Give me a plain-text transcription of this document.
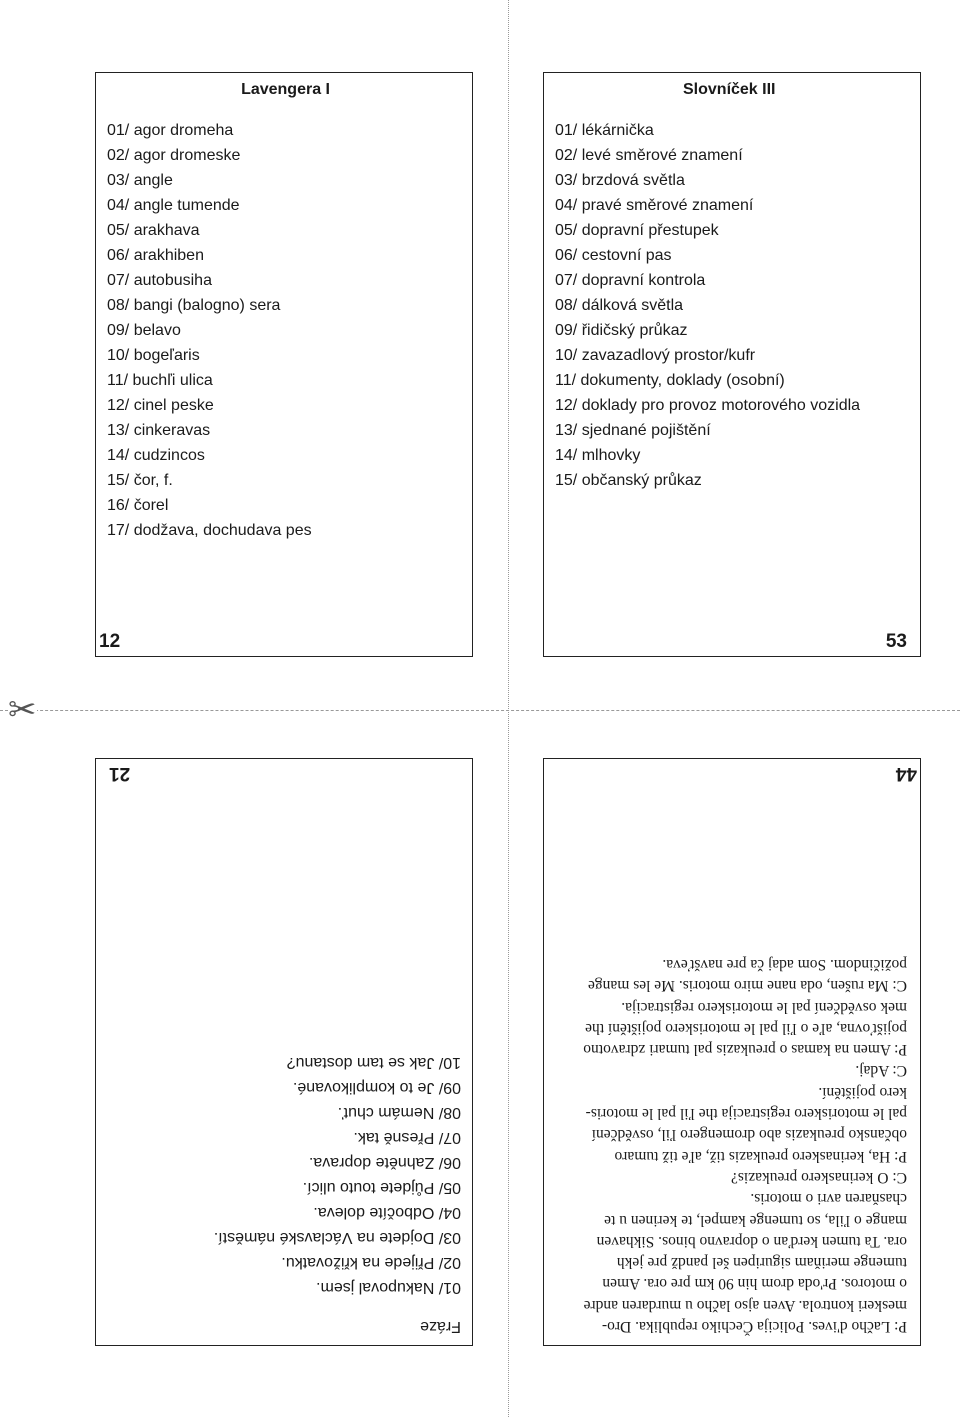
✂
Lavengera I
01/ agor dromeha
02/ agor dromeske
03/ angle
04/ angle tumende
05/ arakhava
06/ arakhiben
07/ autobusiha
08/ bangi (balogno) sera
09/ belavo
10/ bogeľaris
11/ buchľi ulica
12/ cinel peske
13/ cinkeravas
14/ cudzincos
15/ čor, f.
16/ čorel
17/ dodžava, dochudava pes
12
Slovníček III
01/ lékárnička
02/ levé směrové znamení
03/ brzdová světla
04/ pravé směrové znamení
05/ dopravní přestupek
06/ cestovní pas
07/ dopravní kontrola
08/ dálková světla
09/ řidičský průkaz
10/ zavazadlový prostor/kufr
11/ dokumenty, doklady (osobní)
12/ doklady pro provoz motorového vozidla
13/ sjednané pojištění
14/ mlhovky
15/ občanský průkaz
53
Fráze
01/ Nakupoval jsem.
02/ Přijede na křižovatku.
03/ Dojdete na Václavské náměstí.
04/ Odbočíte doleva.
05/ Půjdete touto ulicí.
06/ Zahněte doprava.
07/ Přesně tak.
08/ Nemám chuť.
09/ Je to komplikované.
10/ Jak se tam dostanu?
21

P: Lačho d'ives. Policija Čechiko republika. Dro-

meskeri kontrola. Aven ajso lačho u murdaren andre

o motoros. Pr'oda drom hin 90 km pre ora. Amen

tumenge meriňam siguripen šel pandž pre jekh

ora. Ta tumen kerďan o dopravno binos. Sikhaven

mange o ľila, so tumenge kampel, te kerinen u te

chasňaren avri o motoris.

C: O kerinaskero preukazis?

P: Ha, kerinaskero preukazis tiž, aľe tiž tumaro

občansko preukazis abo dromengero ľil, osvědčení

pal le motoriskero registracija the ľil pal le motoris-

kero pojištění.

C: Adaj.

P: Amen na kamas o preukazis pal tumari zdravotno

pojišťovna, aľe o ľil pal le motoriskero pojištění the

mek osvědčení pal le motoriskero registracija.

C: Ma rušen, oda nane miro motoris. Me les mange

požičindom. Som adaj ča pre navšťeva.

44
